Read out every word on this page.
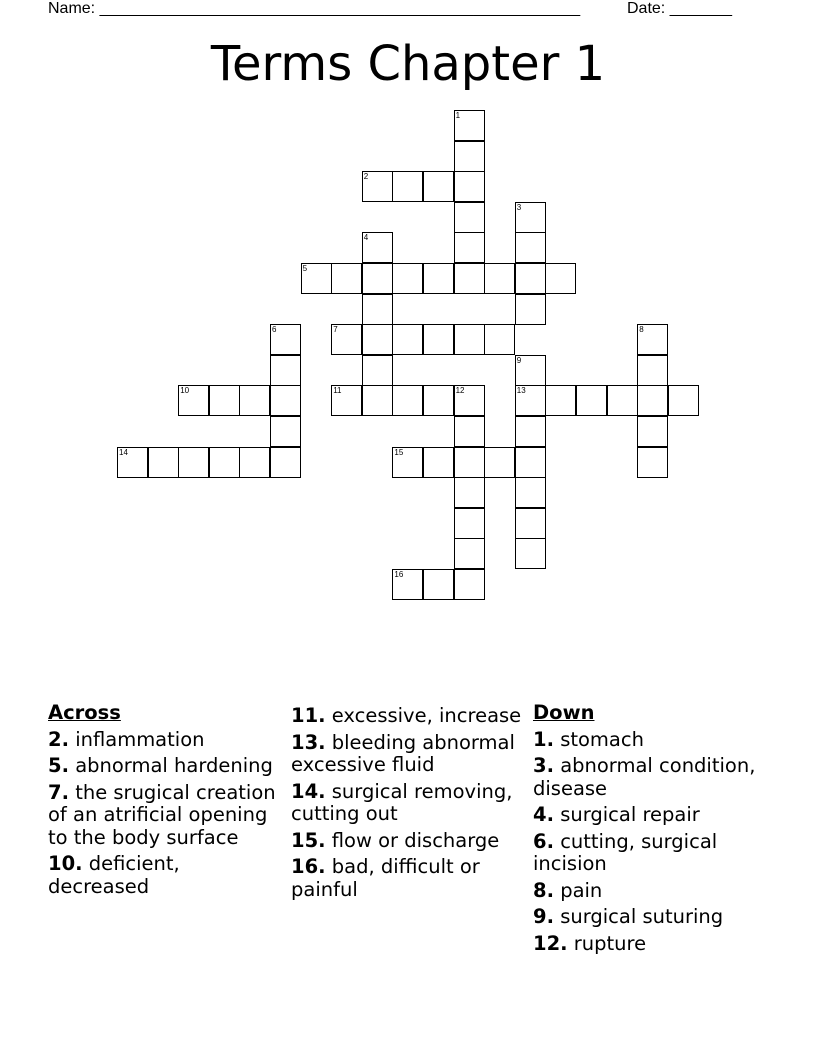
Name: ______________________________________________________	Date: _______
Terms Chapter 1
1
2
3
4
5
6	7	8
9
10	11	12	13
14	15
16
Across
2. inflammation
5. abnormal hardening
7. the srugical creation of an atrificial opening to the body surface
10. deficient, decreased
11. excessive, increase
13. bleeding abnormal excessive fluid
14. surgical removing, cutting out
15. flow or discharge
16. bad, difficult or painful
Down
1. stomach
3. abnormal condition, disease
4. surgical repair
6. cutting, surgical incision
8. pain
9. surgical suturing
12. rupture
